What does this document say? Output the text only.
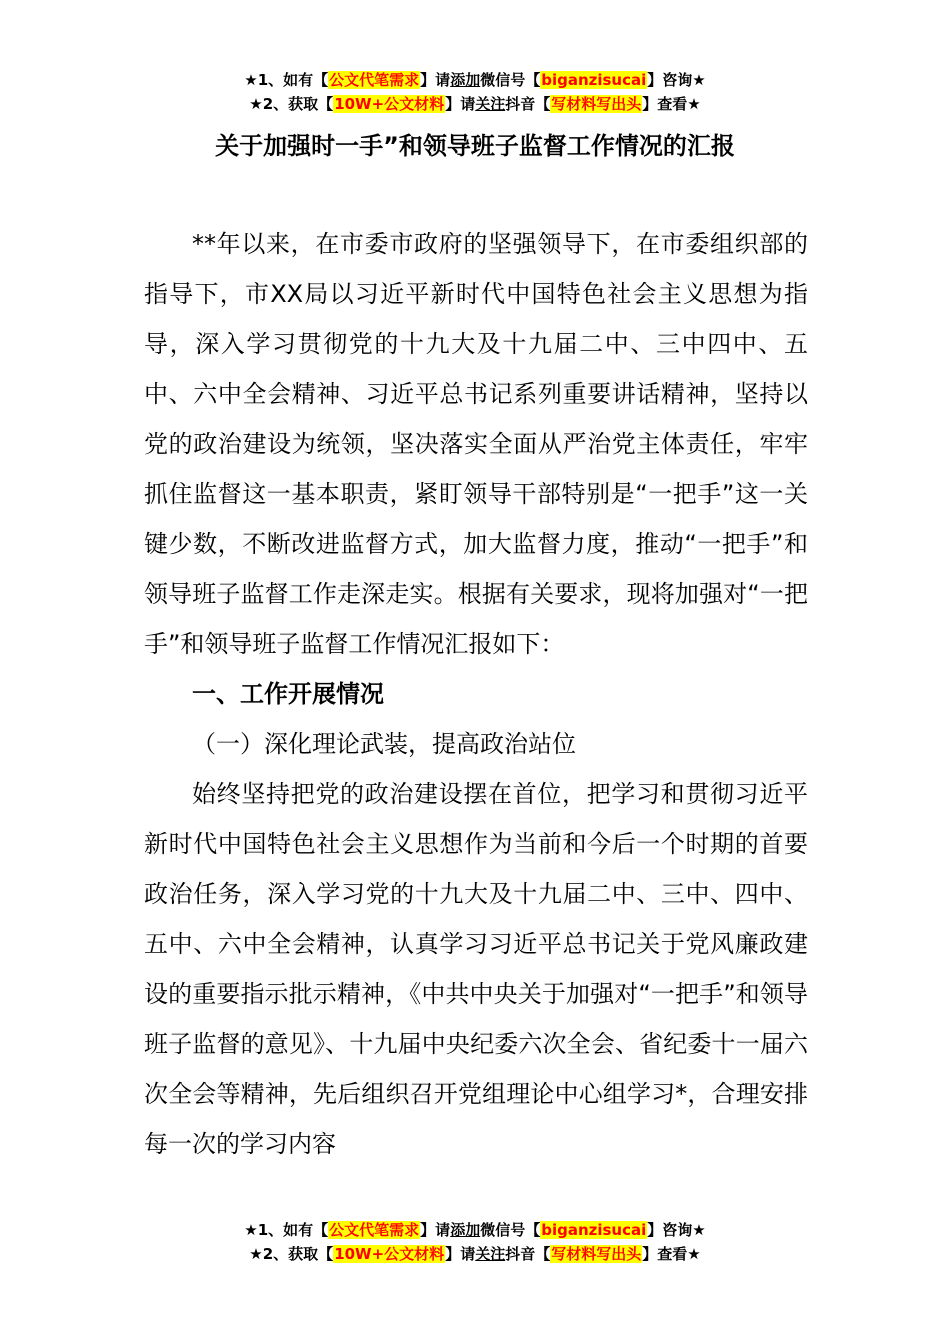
★1、如有【公文代笔需求】请添加微信号【biganzisucai】咨询★
★2、获取【10W+公文材料】请关注抖音【写材料写出头】查看★
关于加强时一手”和领导班子监督工作情况的汇报

**年以来，在市委市政府的坚强领导下，在市委组织部的指导下，市XX局以习近平新时代中国特色社会主义思想为指导，深入学习贯彻党的十九大及十九届二中、三中四中、五中、六中全会精神、习近平总书记系列重要讲话精神，坚持以党的政治建设为统领，坚决落实全面从严治党主体责任，牢牢抓住监督这一基本职责，紧盯领导干部特别是“一把手”这一关键少数，不断改进监督方式，加大监督力度，推动“一把手”和领导班子监督工作走深走实。根据有关要求，现将加强对“一把手”和领导班子监督工作情况汇报如下：

一、工作开展情况

（一）深化理论武装，提高政治站位

始终坚持把党的政治建设摆在首位，把学习和贯彻习近平新时代中国特色社会主义思想作为当前和今后一个时期的首要政治任务，深入学习党的十九大及十九届二中、三中、四中、五中、六中全会精神，认真学习习近平总书记关于党风廉政建设的重要指示批示精神，《中共中央关于加强对“一把手”和领导班子监督的意见》、十九届中央纪委六次全会、省纪委十一届六次全会等精神，先后组织召开党组理论中心组学习*，合理安排每一次的学习内容

★1、如有【公文代笔需求】请添加微信号【biganzisucai】咨询★
★2、获取【10W+公文材料】请关注抖音【写材料写出头】查看★
